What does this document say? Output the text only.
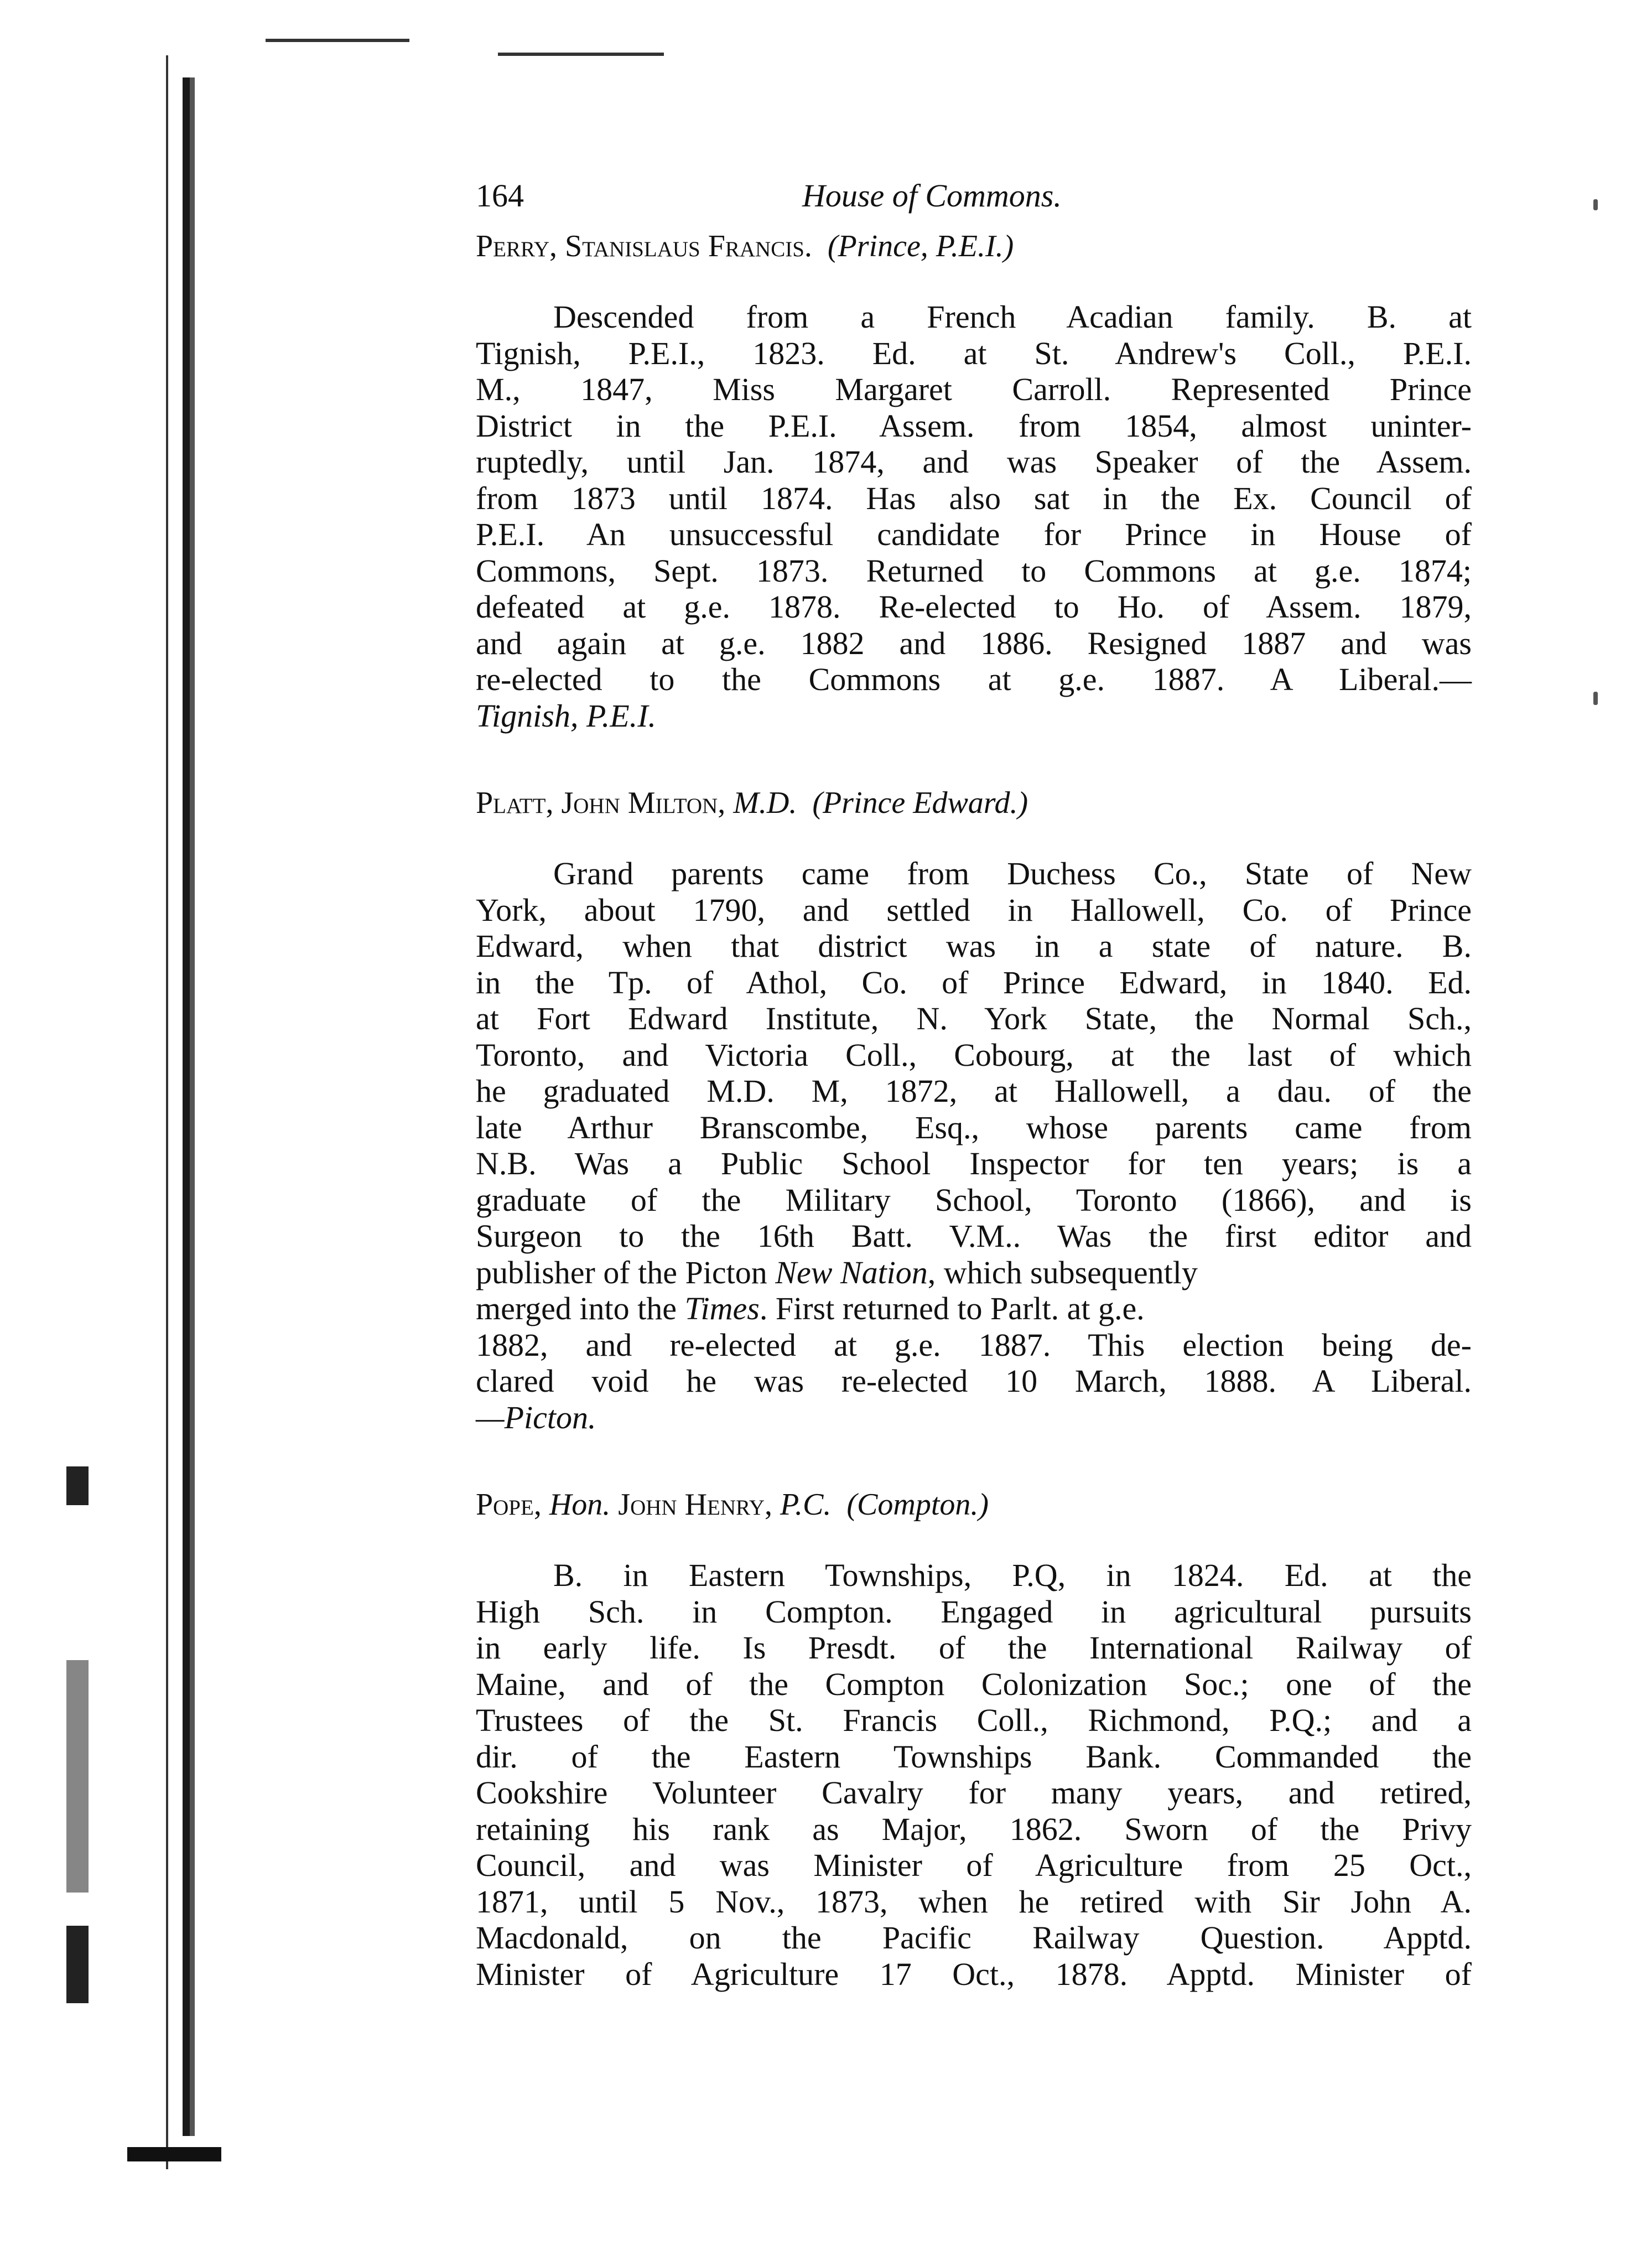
164	House of Commons.

Perry, Stanislaus Francis. (Prince, P.E.I.)

Descended from a French Acadian family. B. at
Tignish, P.E.I., 1823. Ed. at St. Andrew's Coll., P.E.I.
M., 1847, Miss Margaret Carroll. Represented Prince
District in the P.E.I. Assem. from 1854, almost uninter-
ruptedly, until Jan. 1874, and was Speaker of the Assem.
from 1873 until 1874. Has also sat in the Ex. Council of
P.E.I. An unsuccessful candidate for Prince in House of
Commons, Sept. 1873. Returned to Commons at g.e. 1874;
defeated at g.e. 1878. Re-elected to Ho. of Assem. 1879,
and again at g.e. 1882 and 1886. Resigned 1887 and was
re-elected to the Commons at g.e. 1887. A Liberal.—
Tignish, P.E.I.

Platt, John Milton, M.D. (Prince Edward.)

Grand parents came from Duchess Co., State of New
York, about 1790, and settled in Hallowell, Co. of Prince
Edward, when that district was in a state of nature. B.
in the Tp. of Athol, Co. of Prince Edward, in 1840. Ed.
at Fort Edward Institute, N. York State, the Normal Sch.,
Toronto, and Victoria Coll., Cobourg, at the last of which
he graduated M.D. M, 1872, at Hallowell, a dau. of the
late Arthur Branscombe, Esq., whose parents came from
N.B. Was a Public School Inspector for ten years; is a
graduate of the Military School, Toronto (1866), and is
Surgeon to the 16th Batt. V.M.. Was the first editor and
publisher of the Picton New Nation, which subsequently
merged into the Times. First returned to Parlt. at g.e.
1882, and re-elected at g.e. 1887. This election being de-
clared void he was re-elected 10 March, 1888. A Liberal.
—Picton.

Pope, Hon. John Henry, P.C. (Compton.)

B. in Eastern Townships, P.Q, in 1824. Ed. at the
High Sch. in Compton. Engaged in agricultural pursuits
in early life. Is Presdt. of the International Railway of
Maine, and of the Compton Colonization Soc.; one of the
Trustees of the St. Francis Coll., Richmond, P.Q.; and a
dir. of the Eastern Townships Bank. Commanded the
Cookshire Volunteer Cavalry for many years, and retired,
retaining his rank as Major, 1862. Sworn of the Privy
Council, and was Minister of Agriculture from 25 Oct.,
1871, until 5 Nov., 1873, when he retired with Sir John A.
Macdonald, on the Pacific Railway Question. Apptd.
Minister of Agriculture 17 Oct., 1878. Apptd. Minister of
